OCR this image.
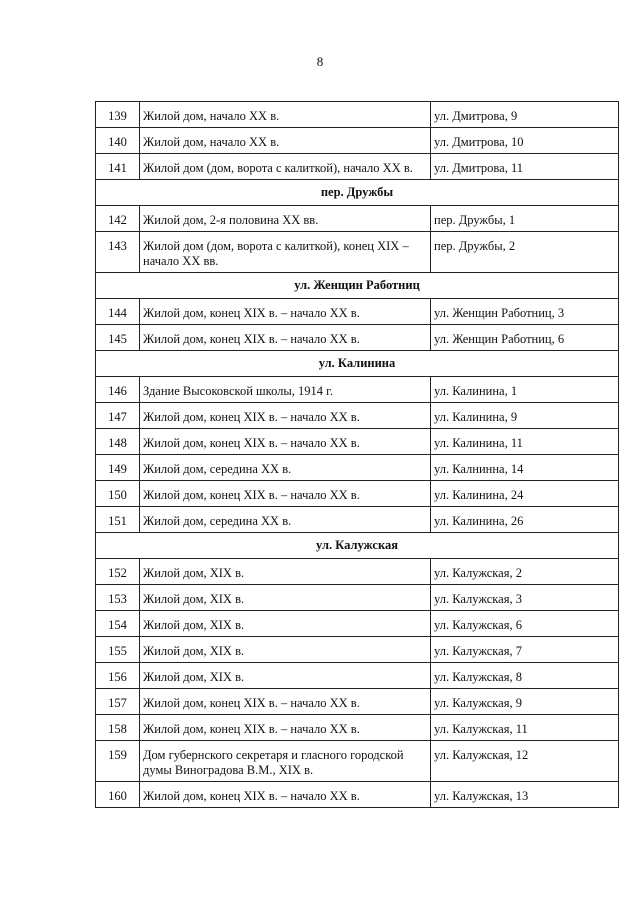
8
139	Жилой дом, начало XX в.	ул. Дмитрова, 9
140	Жилой дом, начало XX в.	ул. Дмитрова, 10
141	Жилой дом (дом, ворота с калиткой), начало XX в.	ул. Дмитрова, 11
пер. Дружбы		
142	Жилой дом, 2-я половина XX вв.	пер. Дружбы, 1
143	Жилой дом (дом, ворота с калиткой), конец XIX – начало XX вв.	пер. Дружбы, 2
ул. Женщин Работниц		
144	Жилой дом, конец XIX в. – начало XX в.	ул. Женщин Работниц, 3
145	Жилой дом, конец XIX в. – начало XX в.	ул. Женщин Работниц, 6
ул. Калинина		
146	Здание Высоковской школы, 1914 г.	ул. Калинина, 1
147	Жилой дом, конец XIX в. – начало XX в.	ул. Калинина, 9
148	Жилой дом, конец XIX в. – начало XX в.	ул. Калинина, 11
149	Жилой дом, середина XX в.	ул. Калнинна, 14
150	Жилой дом, конец XIX в. – начало XX в.	ул. Калинина, 24
151	Жилой дом, середина XX в.	ул. Калинина, 26
ул. Калужская		
152	Жилой дом, XIX в.	ул. Калужская, 2
153	Жилой дом, XIX в.	ул. Калужская, 3
154	Жилой дом, XIX в.	ул. Калужская, 6
155	Жилой дом, XIX в.	ул. Калужская, 7
156	Жилой дом, XIX в.	ул. Калужская, 8
157	Жилой дом, конец XIX в. – начало XX в.	ул. Калужская, 9
158	Жилой дом, конец XIX в. – начало XX в.	ул. Калужская, 11
159	Дом губернского секретаря и гласного городской думы Виноградова В.М., XIX в.	ул. Калужская, 12
160	Жилой дом, конец XIX в. – начало XX в.	ул. Калужская, 13
